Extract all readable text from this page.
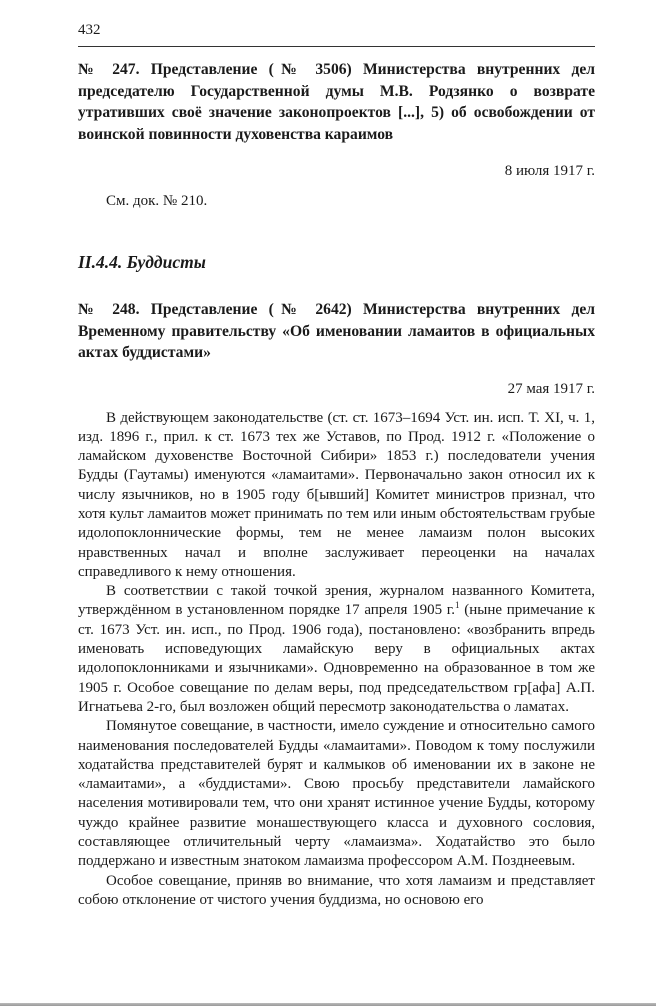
432

№ 247. Представление (№ 3506) Министерства внутренних дел председателю Государственной думы М.В. Родзянко о возврате утративших своё значение законопроектов [...], 5) об освобождении от воинской повинности духовенства караимов

8 июля 1917 г.
См. док. № 210.
II.4.4. Буддисты

№ 248. Представление (№ 2642) Министерства внутренних дел Временному правительству «Об именовании ламаитов в официальных актах буддистами»

27 мая 1917 г.

В действующем законодательстве (ст. ст. 1673–1694 Уст. ин. исп. Т. XI, ч. 1, изд. 1896 г., прил. к ст. 1673 тех же Уставов, по Прод. 1912 г. «Положение о ламайском духовенстве Восточной Сибири» 1853 г.) последователи учения Будды (Гаутамы) именуются «ламаитами». Первоначально закон относил их к числу язычников, но в 1905 году б[ывший] Комитет министров признал, что хотя культ ламаитов может принимать по тем или иным обстоятельствам грубые идолопоклоннические формы, тем не менее ламаизм полон высоких нравственных начал и вполне заслуживает переоценки на началах справедливого к нему отношения.

В соответствии с такой точкой зрения, журналом названного Комитета, утверждённом в установленном порядке 17 апреля 1905 г.$^1$ (ныне примечание к ст. 1673 Уст. ин. исп., по Прод. 1906 года), постановлено: «возбранить впредь именовать исповедующих ламайскую веру в официальных актах идолопоклонниками и язычниками». Одновременно на образованное в том же 1905 г. Особое совещание по делам веры, под председательством гр[афа] А.П. Игнатьева 2-го, был возложен общий пересмотр законодательства о ламатах.

Помянутое совещание, в частности, имело суждение и относительно самого наименования последователей Будды «ламаитами». Поводом к тому послужили ходатайства представителей бурят и калмыков об именовании их в законе не «ламаитами», а «буддистами». Свою просьбу представители ламайского населения мотивировали тем, что они хранят истинное учение Будды, которому чуждо крайнее развитие монашествующего класса и духовного сословия, составляющее отличительный черту «ламаизма». Ходатайство это было поддержано и известным знатоком ламаизма профессором А.М. Позднеевым.

Особое совещание, приняв во внимание, что хотя ламаизм и представляет собою отклонение от чистого учения буддизма, но основою его
